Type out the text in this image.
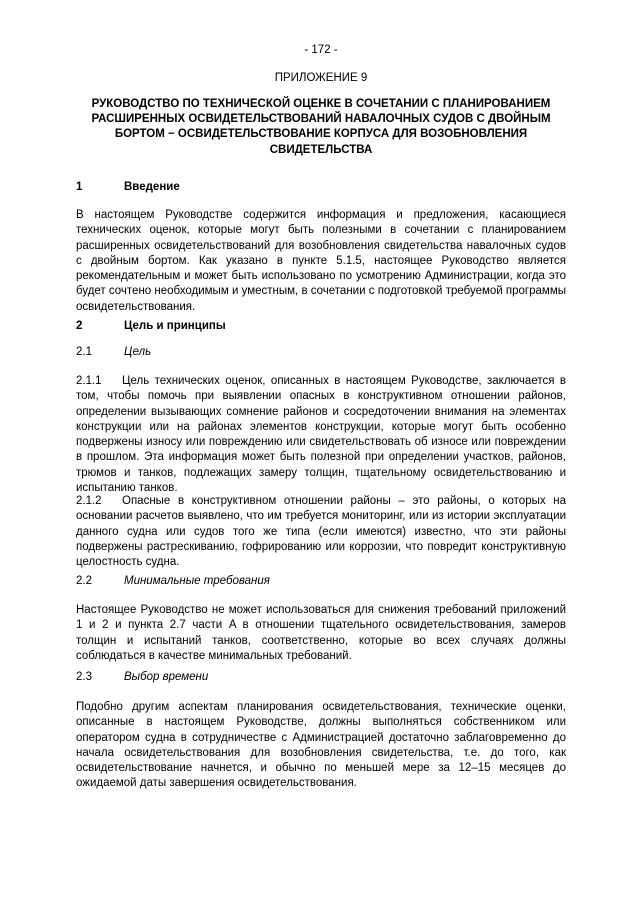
- 172 -
ПРИЛОЖЕНИЕ 9
РУКОВОДСТВО ПО ТЕХНИЧЕСКОЙ ОЦЕНКЕ В СОЧЕТАНИИ С ПЛАНИРОВАНИЕМ РАСШИРЕННЫХ ОСВИДЕТЕЛЬСТВОВАНИЙ НАВАЛОЧНЫХ СУДОВ С ДВОЙНЫМ БОРТОМ − ОСВИДЕТЕЛЬСТВОВАНИЕ КОРПУСА ДЛЯ ВОЗОБНОВЛЕНИЯ СВИДЕТЕЛЬСТВА
1	Введение
В настоящем Руководстве содержится информация и предложения, касающиеся технических оценок, которые могут быть полезными в сочетании с планированием расширенных освидетельствований для возобновления свидетельства навалочных судов с двойным бортом. Как указано в пункте 5.1.5, настоящее Руководство является рекомендательным и может быть использовано по усмотрению Администрации, когда это будет сочтено необходимым и уместным, в сочетании с подготовкой требуемой программы освидетельствования.
2	Цель и принципы
2.1	Цель
2.1.1 Цель технических оценок, описанных в настоящем Руководстве, заключается в том, чтобы помочь при выявлении опасных в конструктивном отношении районов, определении вызывающих сомнение районов и сосредоточении внимания на элементах конструкции или на районах элементов конструкции, которые могут быть особенно подвержены износу или повреждению или свидетельствовать об износе или повреждении в прошлом. Эта информация может быть полезной при определении участков, районов, трюмов и танков, подлежащих замеру толщин, тщательному освидетельствованию и испытанию танков.
2.1.2 Опасные в конструктивном отношении районы – это районы, о которых на основании расчетов выявлено, что им требуется мониторинг, или из истории эксплуатации данного судна или судов того же типа (если имеются) известно, что эти районы подвержены растрескиванию, гофрированию или коррозии, что повредит конструктивную целостность судна.
2.2	Минимальные требования
Настоящее Руководство не может использоваться для снижения требований приложений 1 и 2 и пункта 2.7 части A в отношении тщательного освидетельствования, замеров толщин и испытаний танков, соответственно, которые во всех случаях должны соблюдаться в качестве минимальных требований.
2.3	Выбор времени
Подобно другим аспектам планирования освидетельствования, технические оценки, описанные в настоящем Руководстве, должны выполняться собственником или оператором судна в сотрудничестве с Администрацией достаточно заблаговременно до начала освидетельствования для возобновления свидетельства, т.е. до того, как освидетельствование начнется, и обычно по меньшей мере за 12–15 месяцев до ожидаемой даты завершения освидетельствования.
